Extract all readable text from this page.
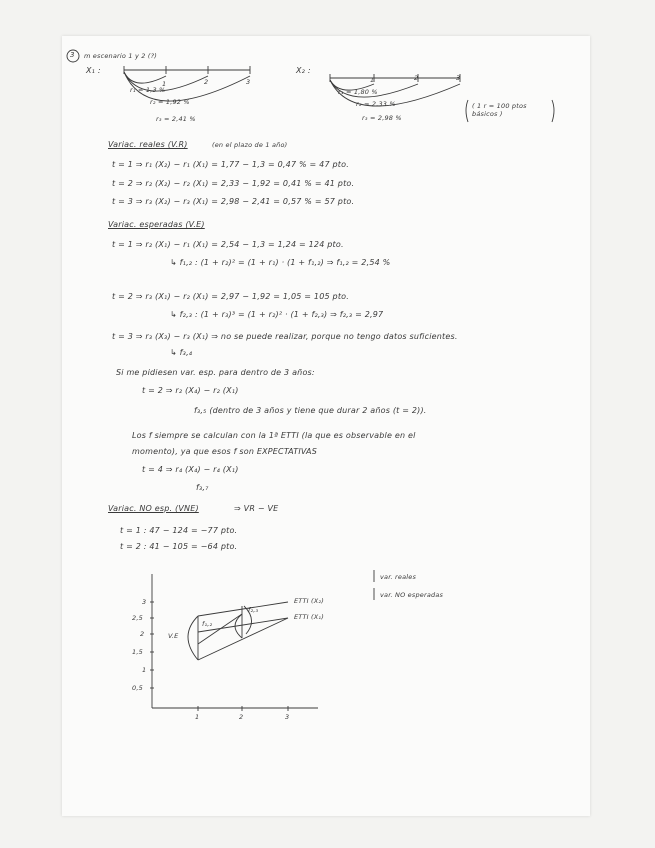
3 m escenario 1 y 2 (?)
X₁ :
1	2	3
r₁ = 1,3 %
r₂ = 1,92 %
r₃ = 2,41 %
X₂ :
1	2	3
r₁ = 1,80 %
r₂ = 2,33 %
r₃ = 2,98 %
( 1 r = 100 ptos básicos )
Variac. reales (V.R)	(en el plazo de 1 año)
t = 1 ⇒ r₁ (X₂) − r₁ (X₁) = 1,77 − 1,3 = 0,47 % = 47 pto.
t = 2 ⇒ r₂ (X₂) − r₂ (X₁) = 2,33 − 1,92 = 0,41 % = 41 pto.
t = 3 ⇒ r₃ (X₂) − r₃ (X₁) = 2,98 − 2,41 = 0,57 % = 57 pto.
Variac. esperadas (V.E)
t = 1 ⇒ r₂ (X₁) − r₁ (X₁) = 2,54 − 1,3 = 1,24 = 124 pto.
↳ f₁,₂ : (1 + r₂)² = (1 + r₁) · (1 + f₁,₂) ⇒ f₁,₂ = 2,54 %
t = 2 ⇒ r₃ (X₁) − r₂ (X₁) = 2,97 − 1,92 = 1,05 = 105 pto.
↳ f₂,₃ : (1 + r₃)³ = (1 + r₂)² · (1 + f₂,₃) ⇒ f₂,₃ = 2,97
t = 3 ⇒ r₃ (X₃) − r₃ (X₁) ⇒ no se puede realizar, porque no tengo datos suficientes.
↳ f₃,₄
Si me pidiesen var. esp. para dentro de 3 años:
t = 2 ⇒ r₂ (X₄) − r₂ (X₁)
f₃,₅ (dentro de 3 años y tiene que durar 2 años (t = 2)).
Los f siempre se calculan con la 1ª ETTI (la que es observable en el
momento), ya que esos f son EXPECTATIVAS
t = 4 ⇒ r₄ (X₄) − r₄ (X₁)
f₃,₇
Variac. NO esp. (VNE)	⇒ VR − VE
t = 1 : 47 − 124 = −77 pto.
t = 2 : 41 − 105 = −64 pto.
3
2,5
2
1,5
1
0,5
1	2	3
ETTI (X₂)
ETTI (X₁)
V.E
f₁,₂
f₂,₃
var. reales
var. NO esperadas
